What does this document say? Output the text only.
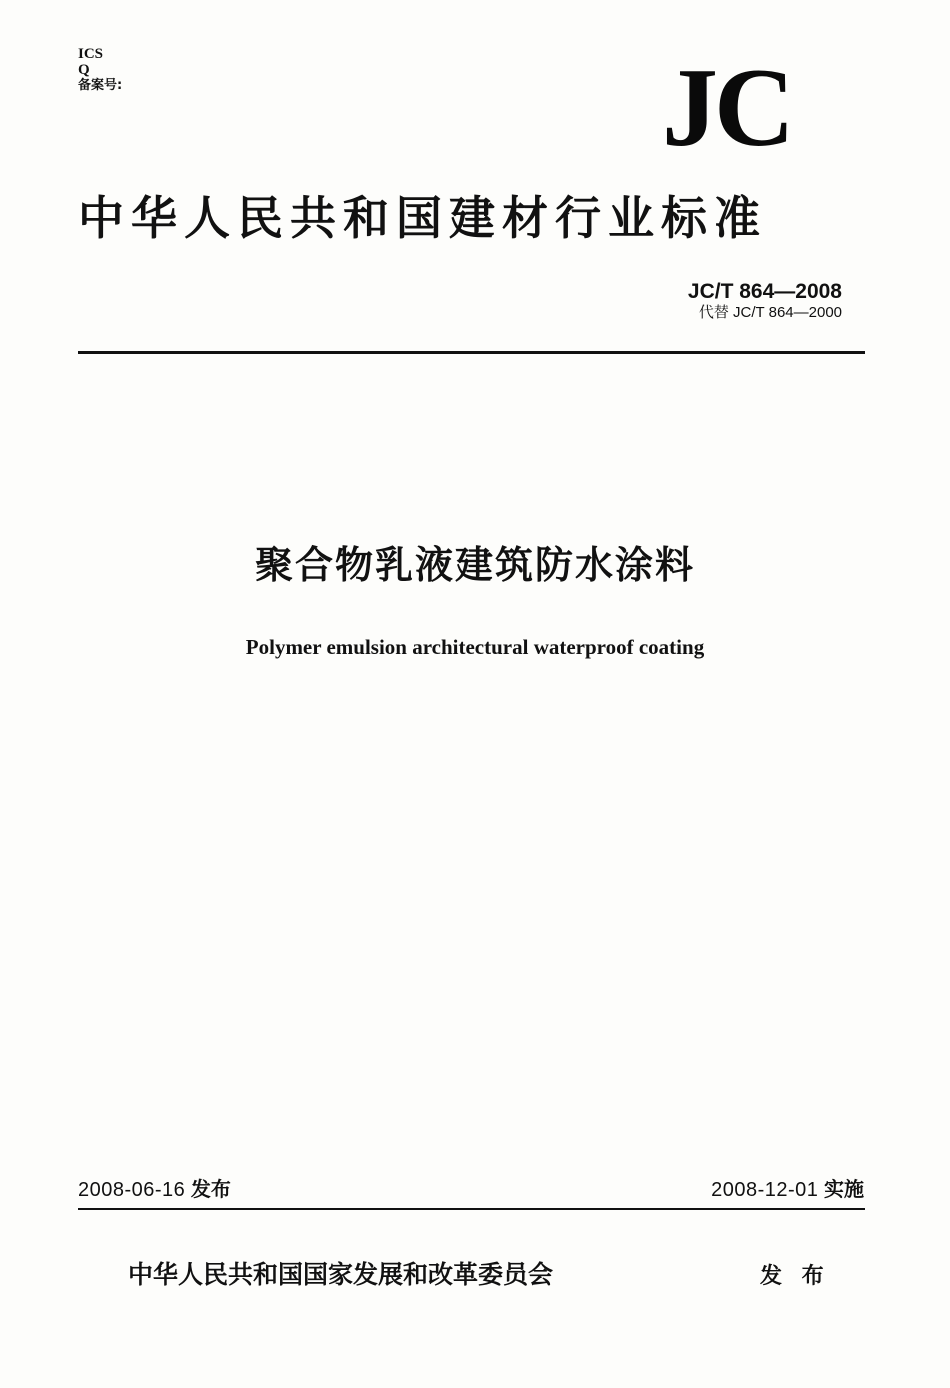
ICS
Q
备案号:	JC
中华人民共和国建材行业标准
JC/T 864—2008
代替 JC/T 864—2000
聚合物乳液建筑防水涂料
Polymer emulsion architectural waterproof coating
2008-06-16 发布	2008-12-01 实施
中华人民共和国国家发展和改革委员会	发 布
